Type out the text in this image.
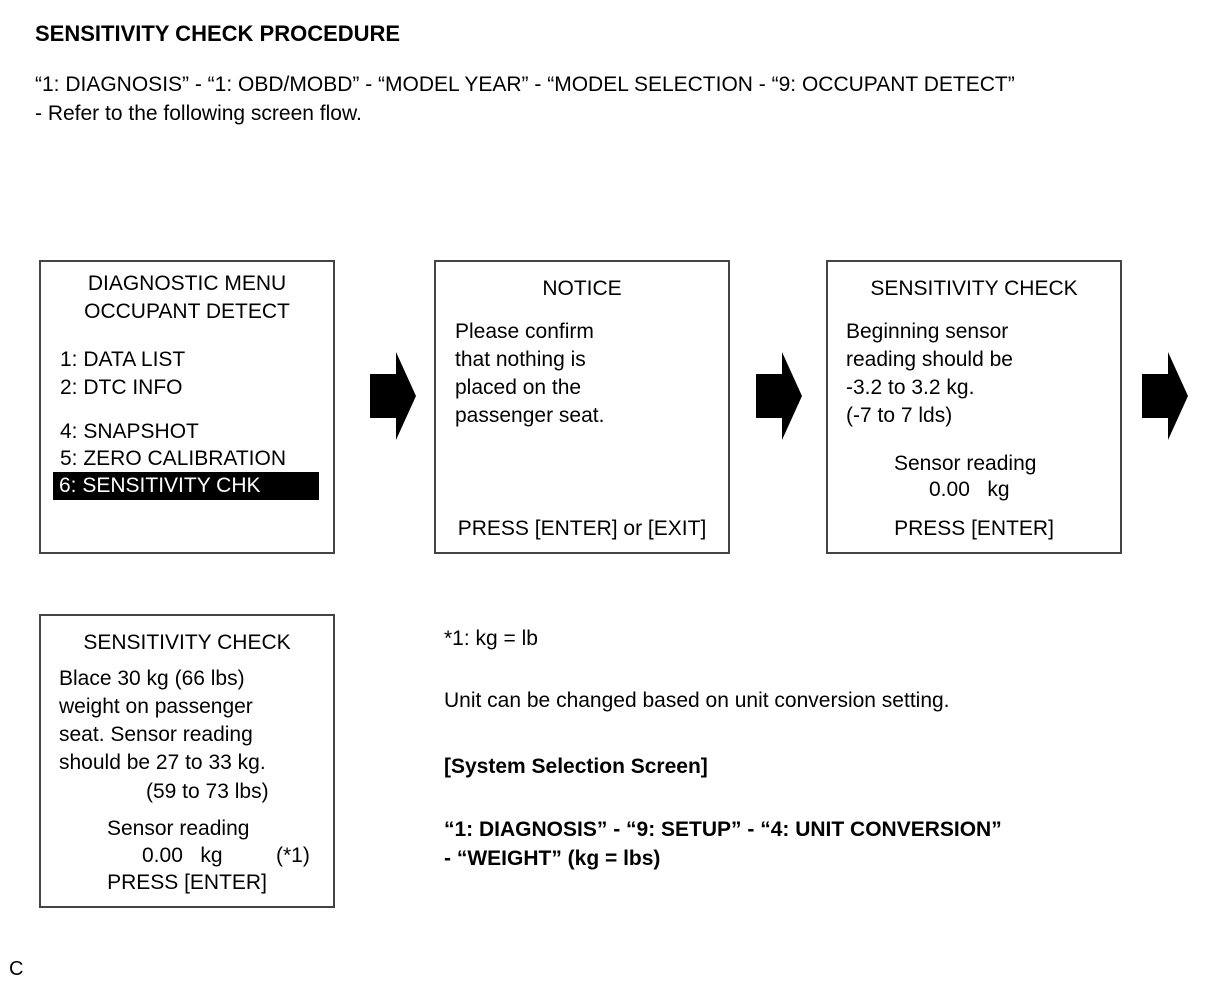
SENSITIVITY CHECK PROCEDURE
“1: DIAGNOSIS” - “1: OBD/MOBD” - “MODEL YEAR” - “MODEL SELECTION - “9: OCCUPANT DETECT”
- Refer to the following screen flow.
DIAGNOSTIC MENU
OCCUPANT DETECT
1: DATA LIST
2: DTC INFO
4: SNAPSHOT
5: ZERO CALIBRATION
6: SENSITIVITY CHK
NOTICE
Please confirm
that nothing is
placed on the
passenger seat.
PRESS [ENTER] or [EXIT]
SENSITIVITY CHECK
Beginning sensor
reading should be
-3.2 to 3.2 kg.
(-7 to 7 lds)
Sensor reading
0.00   kg
PRESS [ENTER]
SENSITIVITY CHECK
Blace 30 kg (66 lbs)
weight on passenger
seat. Sensor reading
should be 27 to 33 kg.
(59 to 73 lbs)
Sensor reading
0.00   kg	(*1)
PRESS [ENTER]
*1: kg = lb
Unit can be changed based on unit conversion setting.
[System Selection Screen]
“1: DIAGNOSIS” - “9: SETUP” - “4: UNIT CONVERSION”
- “WEIGHT” (kg = lbs)
C
